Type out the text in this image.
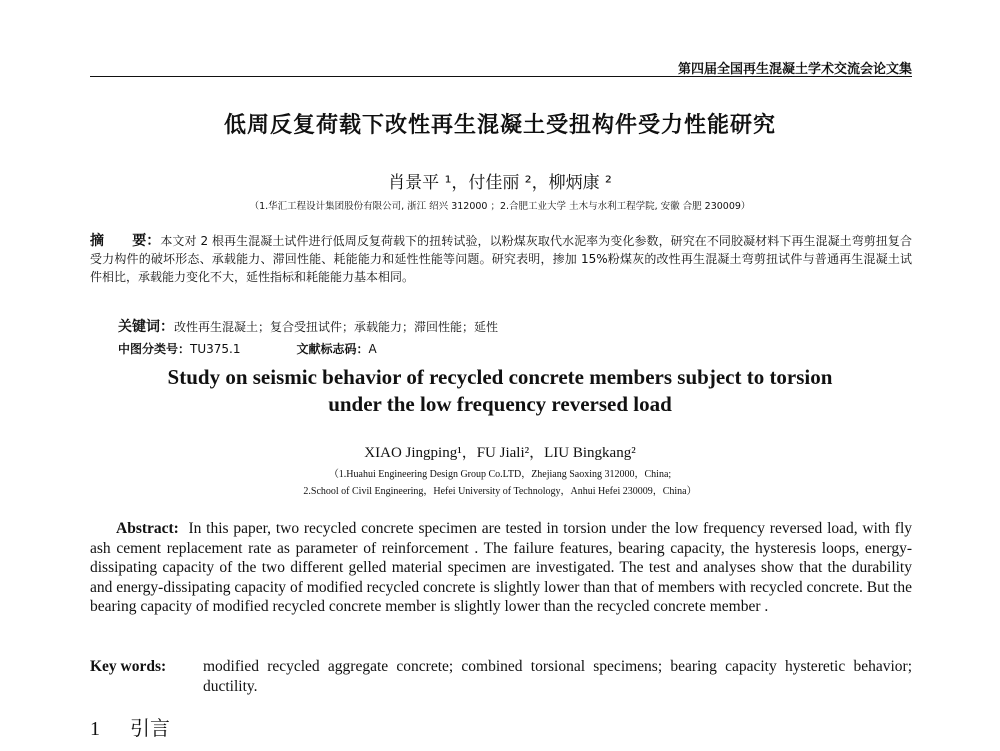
第四届全国再生混凝土学术交流会论文集
低周反复荷载下改性再生混凝土受扭构件受力性能研究
肖景平 ¹，付佳丽 ²，柳炳康 ²
（1.华汇工程设计集团股份有限公司, 浙江 绍兴 312000 ；2.合肥工业大学 土木与水利工程学院, 安徽 合肥 230009）
摘　　要：本文对 2 根再生混凝土试件进行低周反复荷载下的扭转试验，以粉煤灰取代水泥率为变化参数，研究在不同胶凝材料下再生混凝土弯剪扭复合受力构件的破坏形态、承载能力、滞回性能、耗能能力和延性性能等问题。研究表明，掺加 15%粉煤灰的改性再生混凝土弯剪扭试件与普通再生混凝土试件相比，承载能力变化不大，延性指标和耗能能力基本相同。
关键词：改性再生混凝土；复合受扭试件；承载能力；滞回性能；延性
中图分类号：TU375.1	文献标志码：A
Study on seismic behavior of recycled concrete members subject to torsion
under the low frequency reversed load
XIAO Jingping¹，FU Jiali²，LIU Bingkang²
（1.Huahui Engineering Design Group Co.LTD，Zhejiang Saoxing 312000，China;
2.School of Civil Engineering，Hefei University of Technology，Anhui Hefei 230009，China）
Abstract: In this paper, two recycled concrete specimen are tested in torsion under the low frequency reversed load, with fly ash cement replacement rate as parameter of reinforcement . The failure features, bearing capacity, the hysteresis loops, energy-dissipating capacity of the two different gelled material specimen are investigated. The test and analyses show that the durability and energy-dissipating capacity of modified recycled concrete is slightly lower than that of members with recycled concrete. But the bearing capacity of modified recycled concrete member is slightly lower than the recycled concrete member .
Key words:	modified recycled aggregate concrete; combined torsional specimens; bearing capacity hysteretic behavior; ductility.
1	引言
